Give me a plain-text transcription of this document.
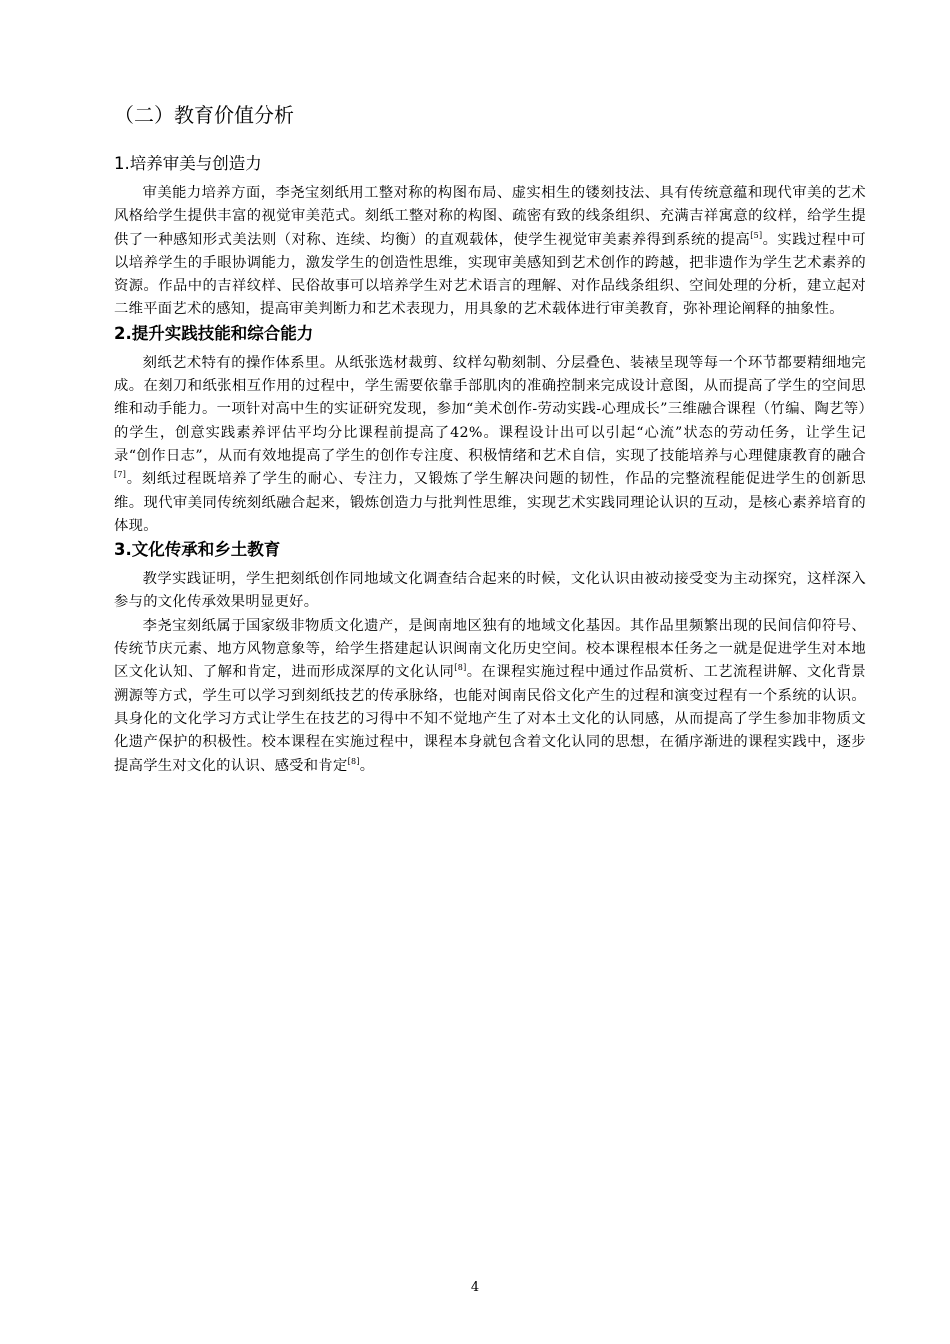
（二）教育价值分析
1.培养审美与创造力

审美能力培养方面，李尧宝刻纸用工整对称的构图布局、虚实相生的镂刻技法、具有传统意蕴和现代审美的艺术风格给学生提供丰富的视觉审美范式。刻纸工整对称的构图、疏密有致的线条组织、充满吉祥寓意的纹样，给学生提供了一种感知形式美法则（对称、连续、均衡）的直观载体，使学生视觉审美素养得到系统的提高[5]。实践过程中可以培养学生的手眼协调能力，激发学生的创造性思维，实现审美感知到艺术创作的跨越，把非遗作为学生艺术素养的资源。作品中的吉祥纹样、民俗故事可以培养学生对艺术语言的理解、对作品线条组织、空间处理的分析，建立起对二维平面艺术的感知，提高审美判断力和艺术表现力，用具象的艺术载体进行审美教育，弥补理论阐释的抽象性。

2.提升实践技能和综合能力

刻纸艺术特有的操作体系里。从纸张选材裁剪、纹样勾勒刻制、分层叠色、装裱呈现等每一个环节都要精细地完成。在刻刀和纸张相互作用的过程中，学生需要依靠手部肌肉的准确控制来完成设计意图，从而提高了学生的空间思维和动手能力。一项针对高中生的实证研究发现，参加“美术创作-劳动实践-心理成长”三维融合课程（竹编、陶艺等）的学生，创意实践素养评估平均分比课程前提高了42%。课程设计出可以引起“心流”状态的劳动任务，让学生记录“创作日志”，从而有效地提高了学生的创作专注度、积极情绪和艺术自信，实现了技能培养与心理健康教育的融合[7]。刻纸过程既培养了学生的耐心、专注力，又锻炼了学生解决问题的韧性，作品的完整流程能促进学生的创新思维。现代审美同传统刻纸融合起来，锻炼创造力与批判性思维，实现艺术实践同理论认识的互动，是核心素养培育的体现。

3.文化传承和乡土教育

教学实践证明，学生把刻纸创作同地域文化调查结合起来的时候，文化认识由被动接受变为主动探究，这样深入参与的文化传承效果明显更好。

李尧宝刻纸属于国家级非物质文化遗产，是闽南地区独有的地域文化基因。其作品里频繁出现的民间信仰符号、传统节庆元素、地方风物意象等，给学生搭建起认识闽南文化历史空间。校本课程根本任务之一就是促进学生对本地区文化认知、了解和肯定，进而形成深厚的文化认同[8]。在课程实施过程中通过作品赏析、工艺流程讲解、文化背景溯源等方式，学生可以学习到刻纸技艺的传承脉络，也能对闽南民俗文化产生的过程和演变过程有一个系统的认识。具身化的文化学习方式让学生在技艺的习得中不知不觉地产生了对本土文化的认同感，从而提高了学生参加非物质文化遗产保护的积极性。校本课程在实施过程中，课程本身就包含着文化认同的思想，在循序渐进的课程实践中，逐步提高学生对文化的认识、感受和肯定[8]。

4
